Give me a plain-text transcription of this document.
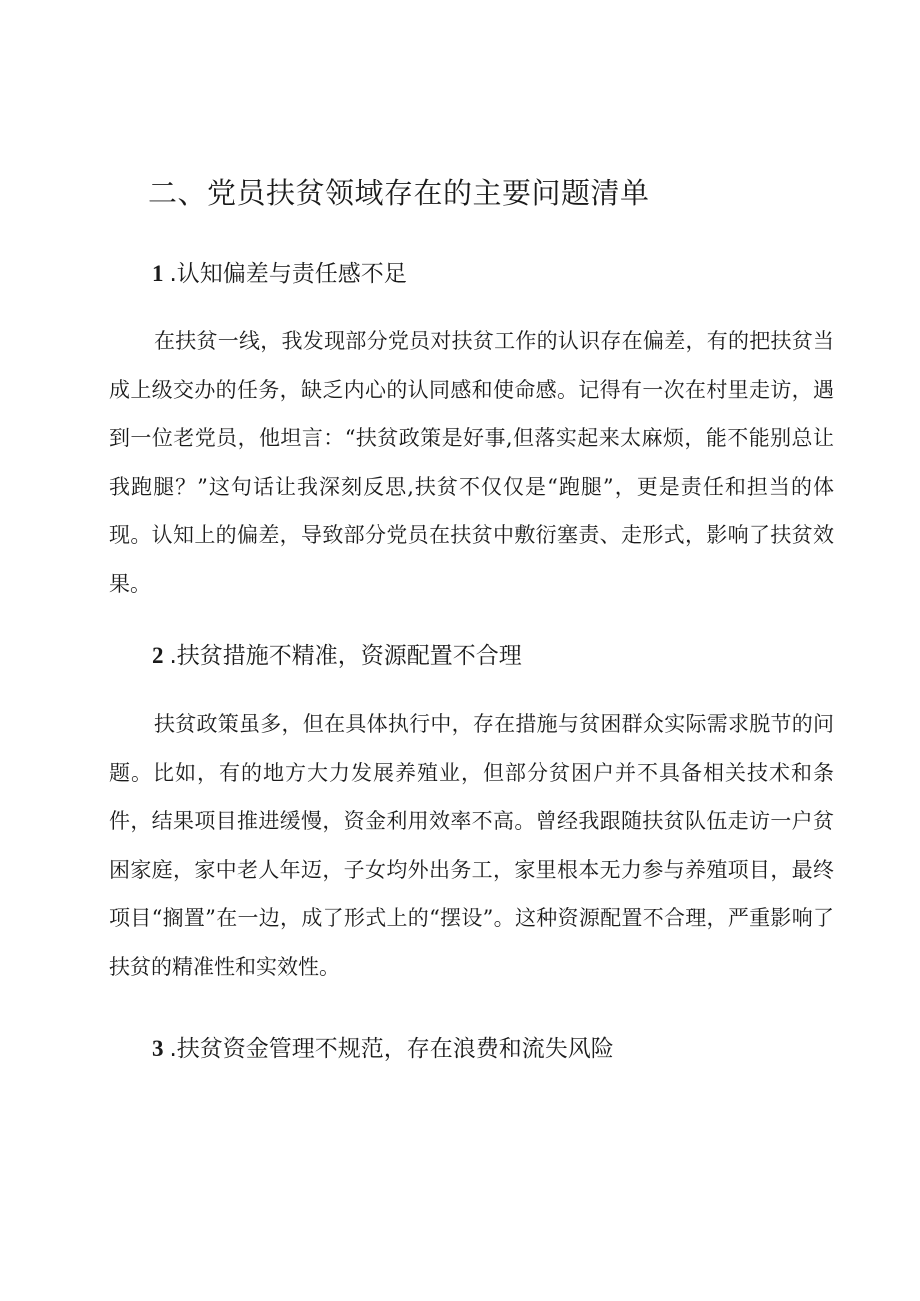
二、党员扶贫领域存在的主要问题清单
1 .认知偏差与责任感不足

在扶贫一线，我发现部分党员对扶贫工作的认识存在偏差，有的把扶贫当成上级交办的任务，缺乏内心的认同感和使命感。记得有一次在村里走访，遇到一位老党员，他坦言：“扶贫政策是好事,但落实起来太麻烦，能不能别总让我跑腿？”这句话让我深刻反思,扶贫不仅仅是“跑腿”，更是责任和担当的体现。认知上的偏差，导致部分党员在扶贫中敷衍塞责、走形式，影响了扶贫效果。

2 .扶贫措施不精准，资源配置不合理

扶贫政策虽多，但在具体执行中，存在措施与贫困群众实际需求脱节的问题。比如，有的地方大力发展养殖业，但部分贫困户并不具备相关技术和条件，结果项目推进缓慢，资金利用效率不高。曾经我跟随扶贫队伍走访一户贫困家庭，家中老人年迈，子女均外出务工，家里根本无力参与养殖项目，最终项目“搁置”在一边，成了形式上的“摆设”。这种资源配置不合理，严重影响了扶贫的精准性和实效性。

3 .扶贫资金管理不规范，存在浪费和流失风险
